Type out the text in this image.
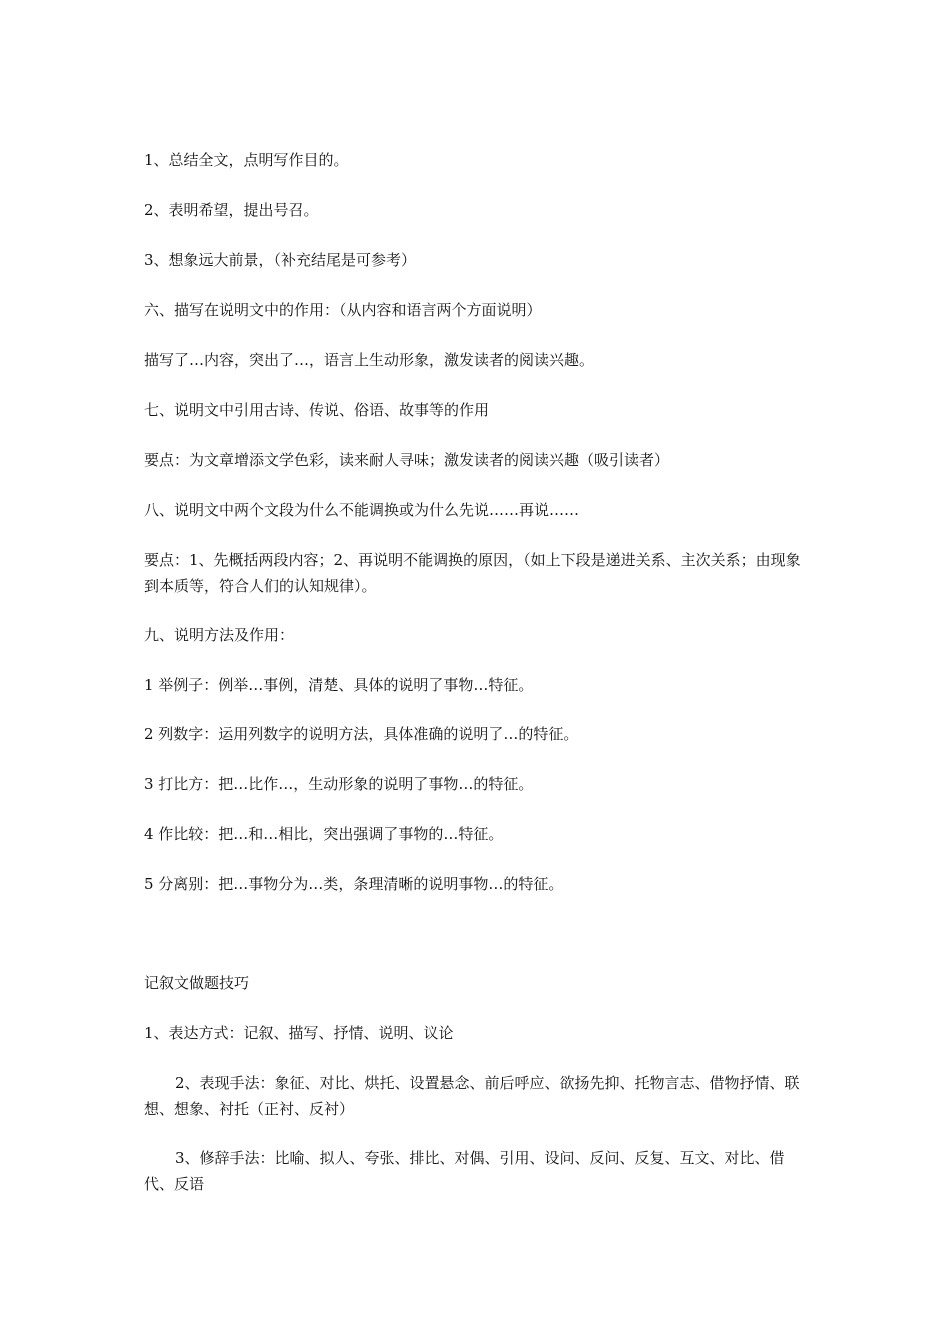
1、总结全文，点明写作目的。

2、表明希望，提出号召。

3、想象远大前景，（补充结尾是可参考）

六、描写在说明文中的作用：（从内容和语言两个方面说明）

描写了…内容，突出了…，语言上生动形象，激发读者的阅读兴趣。

七、说明文中引用古诗、传说、俗语、故事等的作用

要点：为文章增添文学色彩，读来耐人寻味；激发读者的阅读兴趣（吸引读者）

八、说明文中两个文段为什么不能调换或为什么先说……再说……

要点：1、先概括两段内容；2、再说明不能调换的原因，（如上下段是递进关系、主次关系；由现象到本质等，符合人们的认知规律）。

九、说明方法及作用：

1 举例子：例举…事例，清楚、具体的说明了事物…特征。

2 列数字：运用列数字的说明方法，具体准确的说明了…的特征。

3 打比方：把…比作…，生动形象的说明了事物…的特征。

4 作比较：把…和…相比，突出强调了事物的…特征。

5 分离别：把…事物分为…类，条理清晰的说明事物…的特征。

记叙文做题技巧

1、表达方式：记叙、描写、抒情、说明、议论

2、表现手法：象征、对比、烘托、设置悬念、前后呼应、欲扬先抑、托物言志、借物抒情、联想、想象、衬托（正衬、反衬）

3、修辞手法：比喻、拟人、夸张、排比、对偶、引用、设问、反问、反复、互文、对比、借代、反语
